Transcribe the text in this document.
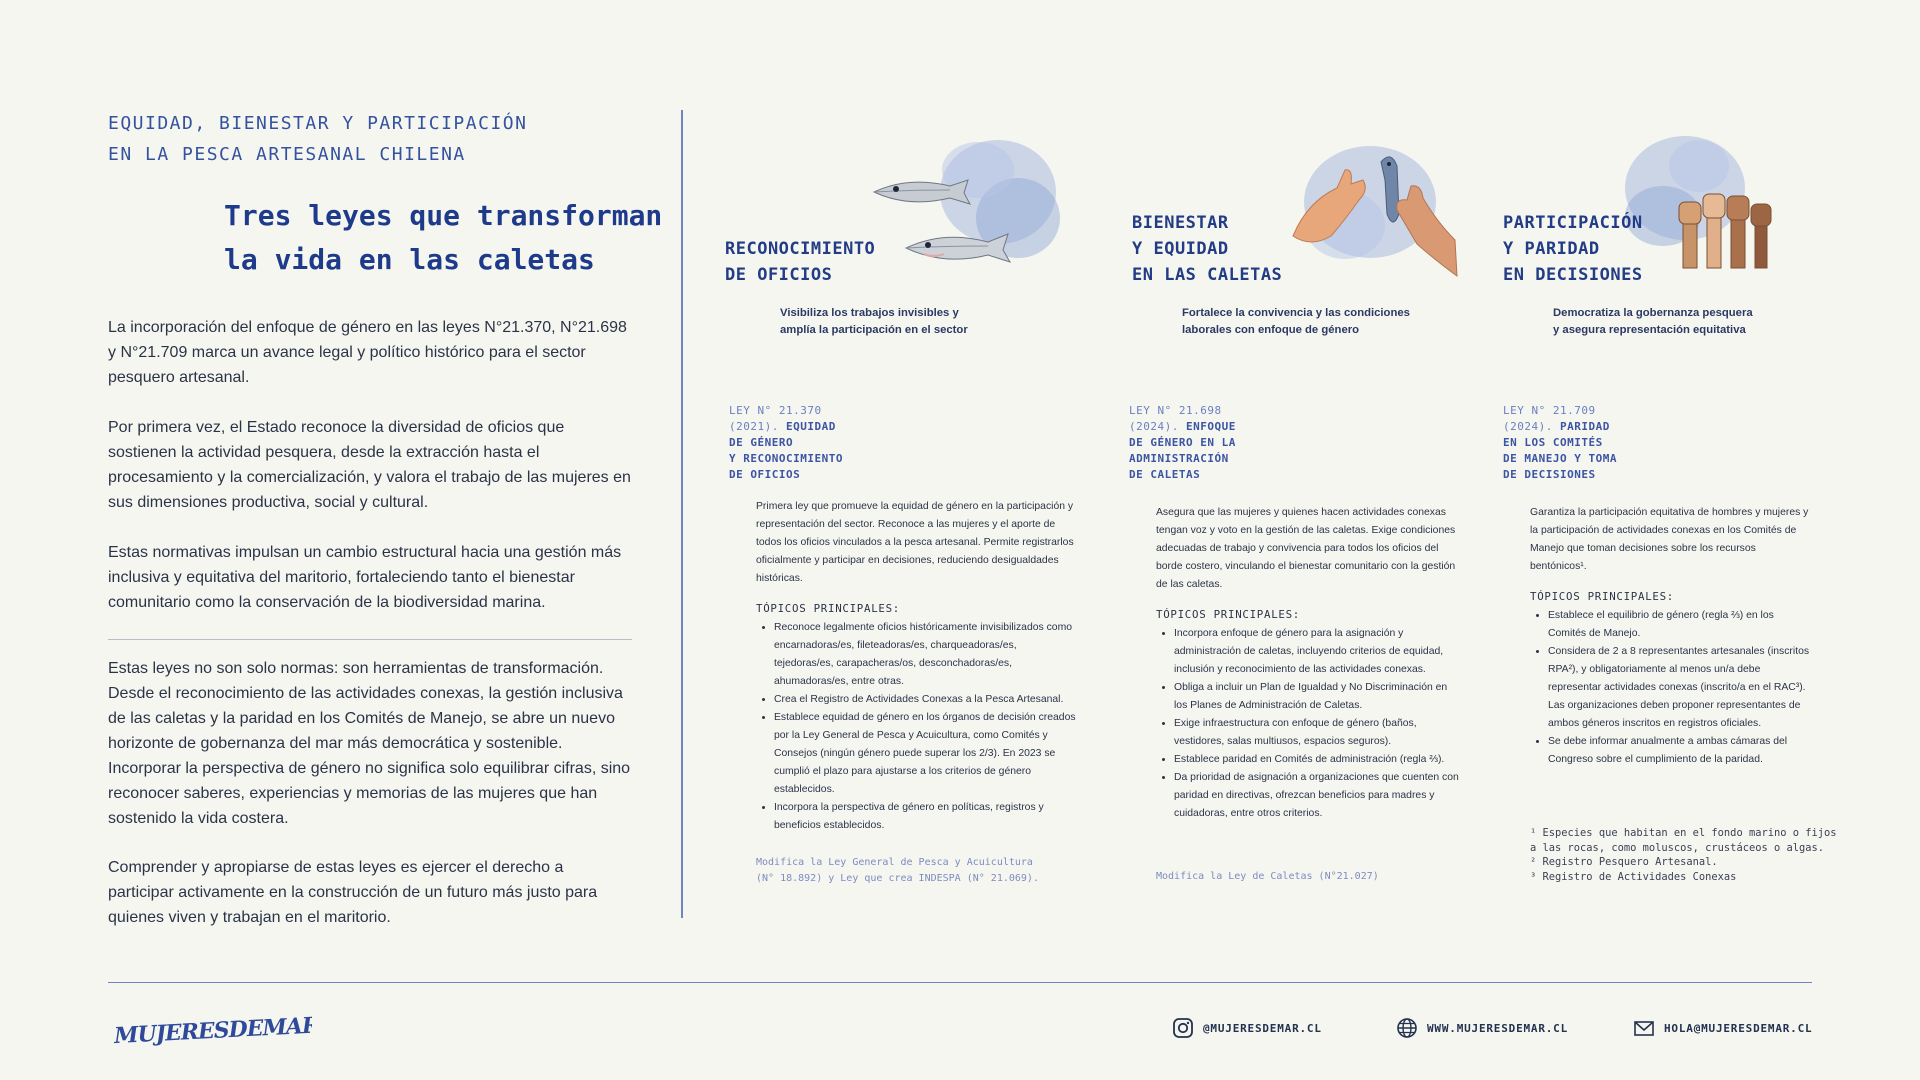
EQUIDAD, BIENESTAR Y PARTICIPACIÓN
EN LA PESCA ARTESANAL CHILENA
Tres leyes que transforman
la vida en las caletas

La incorporación del enfoque de género en las leyes N°21.370, N°21.698 y N°21.709 marca un avance legal y político histórico para el sector pesquero artesanal.

Por primera vez, el Estado reconoce la diversidad de oficios que sostienen la actividad pesquera, desde la extracción hasta el procesamiento y la comercialización, y valora el trabajo de las mujeres en sus dimensiones productiva, social y cultural.

Estas normativas impulsan un cambio estructural hacia una gestión más inclusiva y equitativa del maritorio, fortaleciendo tanto el bienestar comunitario como la conservación de la biodiversidad marina.

Estas leyes no son solo normas: son herramientas de transformación. Desde el reconocimiento de las actividades conexas, la gestión inclusiva de las caletas y la paridad en los Comités de Manejo, se abre un nuevo horizonte de gobernanza del mar más democrática y sostenible. Incorporar la perspectiva de género no significa solo equilibrar cifras, sino reconocer saberes, experiencias y memorias de las mujeres que han sostenido la vida costera.

Comprender y apropiarse de estas leyes es ejercer el derecho a participar activamente en la construcción de un futuro más justo para quienes viven y trabajan en el maritorio.

RECONOCIMIENTO
DE OFICIOS
Visibiliza los trabajos invisibles y
amplía la participación en el sector
LEY N° 21.370
(2021). EQUIDAD
DE GÉNERO
Y RECONOCIMIENTO
DE OFICIOS

Primera ley que promueve la equidad de género en la participación y representación del sector. Reconoce a las mujeres y el aporte de todos los oficios vinculados a la pesca artesanal. Permite registrarlos oficialmente y participar en decisiones, reduciendo desigualdades históricas.

TÓPICOS PRINCIPALES:
• Reconoce legalmente oficios históricamente invisibilizados como encarnadoras/es, fileteadoras/es, charqueadoras/es, tejedoras/es, carapacheras/os, desconchadoras/es, ahumadoras/es, entre otras.
• Crea el Registro de Actividades Conexas a la Pesca Artesanal.
• Establece equidad de género en los órganos de decisión creados por la Ley General de Pesca y Acuicultura, como Comités y Consejos (ningún género puede superar los 2/3). En 2023 se cumplió el plazo para ajustarse a los criterios de género establecidos.
• Incorpora la perspectiva de género en políticas, registros y beneficios establecidos.
Modifica la Ley General de Pesca y Acuicultura
(N° 18.892) y Ley que crea INDESPA (N° 21.069).
BIENESTAR
Y EQUIDAD
EN LAS CALETAS
Fortalece la convivencia y las condiciones
laborales con enfoque de género
LEY N° 21.698
(2024). ENFOQUE
DE GÉNERO EN LA
ADMINISTRACIÓN
DE CALETAS

Asegura que las mujeres y quienes hacen actividades conexas tengan voz y voto en la gestión de las caletas. Exige condiciones adecuadas de trabajo y convivencia para todos los oficios del borde costero, vinculando el bienestar comunitario con la gestión de las caletas.

TÓPICOS PRINCIPALES:
• Incorpora enfoque de género para la asignación y administración de caletas, incluyendo criterios de equidad, inclusión y reconocimiento de las actividades conexas.
• Obliga a incluir un Plan de Igualdad y No Discriminación en los Planes de Administración de Caletas.
• Exige infraestructura con enfoque de género (baños, vestidores, salas multiusos, espacios seguros).
• Establece paridad en Comités de administración (regla ⅔).
• Da prioridad de asignación a organizaciones que cuenten con paridad en directivas, ofrezcan beneficios para madres y cuidadoras, entre otros criterios.
Modifica la Ley de Caletas (N°21.027)
PARTICIPACIÓN
Y PARIDAD
EN DECISIONES
Democratiza la gobernanza pesquera
y asegura representación equitativa
LEY N° 21.709
(2024). PARIDAD
EN LOS COMITÉS
DE MANEJO Y TOMA
DE DECISIONES

Garantiza la participación equitativa de hombres y mujeres y la participación de actividades conexas en los Comités de Manejo que toman decisiones sobre los recursos bentónicos¹.

TÓPICOS PRINCIPALES:
• Establece el equilibrio de género (regla ⅔) en los Comités de Manejo.
• Considera de 2 a 8 representantes artesanales (inscritos RPA²), y obligatoriamente al menos un/a debe representar actividades conexas (inscrito/a en el RAC³). Las organizaciones deben proponer representantes de ambos géneros inscritos en registros oficiales.
• Se debe informar anualmente a ambas cámaras del Congreso sobre el cumplimiento de la paridad.
¹ Especies que habitan en el fondo marino o fijos
a las rocas, como moluscos, crustáceos o algas.
² Registro Pesquero Artesanal.
³ Registro de Actividades Conexas
MUJERESDEMAR	@MUJERESDEMAR.CL	WWW.MUJERESDEMAR.CL	HOLA@MUJERESDEMAR.CL
